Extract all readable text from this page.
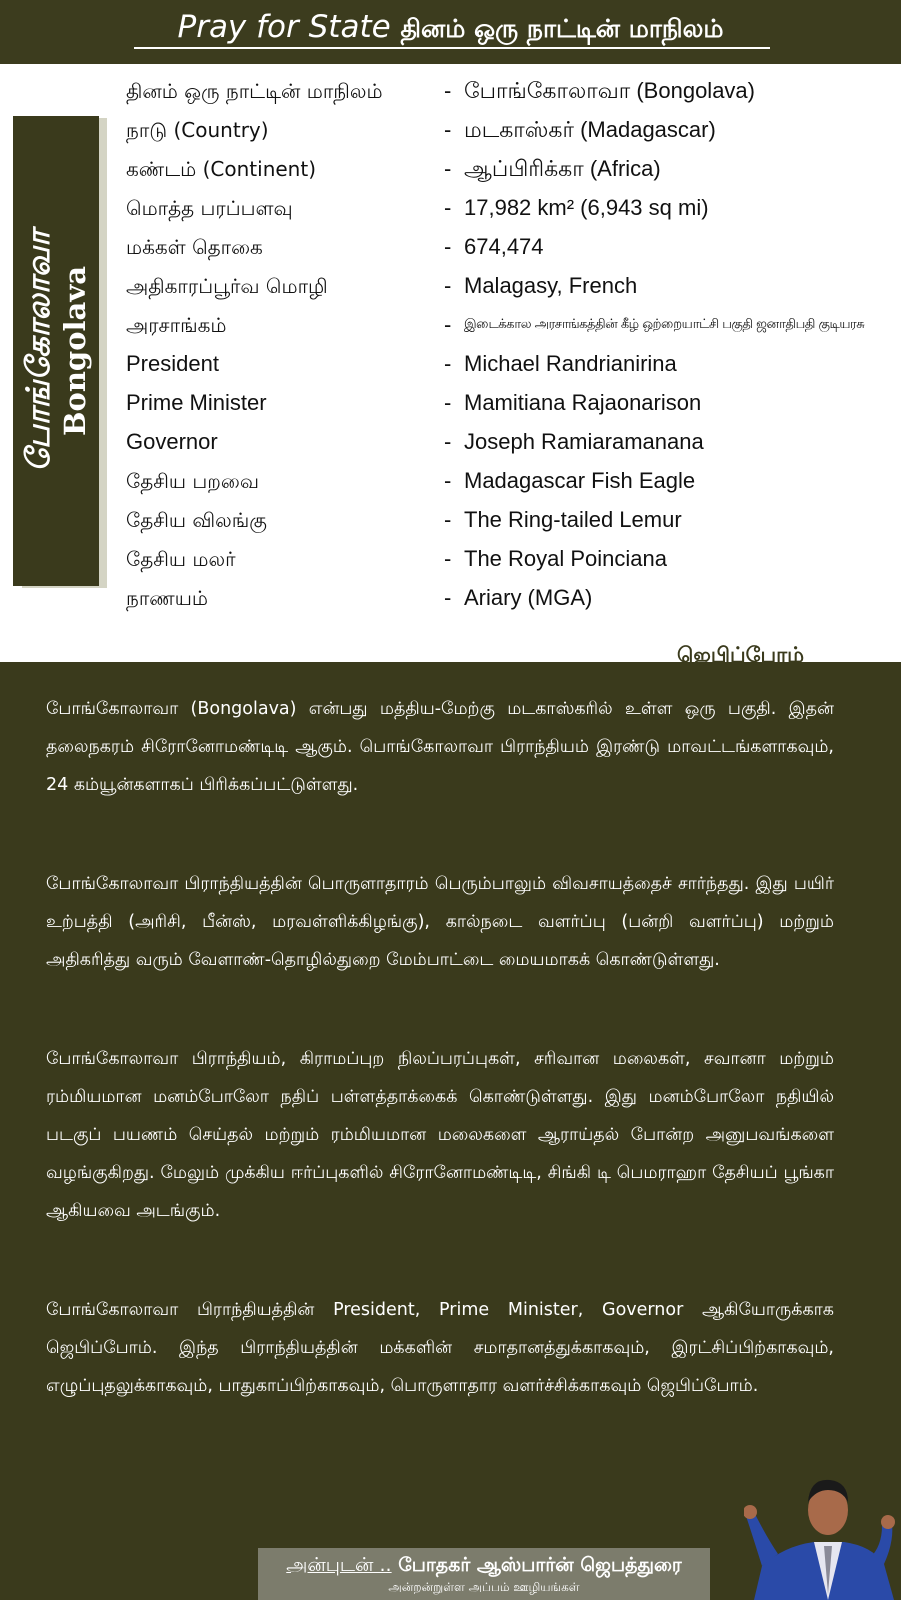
Pray for State தினம் ஒரு நாட்டின் மாநிலம்
போங்கோலாவா Bongolava
தினம் ஒரு நாட்டின் மாநிலம்	- போங்கோலாவா (Bongolava)
நாடு (Country)	- மடகாஸ்கர் (Madagascar)
கண்டம் (Continent)	- ஆப்பிரிக்கா (Africa)
மொத்த பரப்பளவு	- 17,982 km² (6,943 sq mi)
மக்கள் தொகை	- 674,474
அதிகாரப்பூர்வ மொழி	- Malagasy, French
அரசாங்கம்	- இடைக்கால அரசாங்கத்தின் கீழ் ஒற்றையாட்சி பகுதி ஜனாதிபதி குடியரசு
President	- Michael Randrianirina
Prime Minister	- Mamitiana Rajaonarison
Governor	- Joseph Ramiaramanana
தேசிய பறவை	- Madagascar Fish Eagle
தேசிய விலங்கு	- The Ring-tailed Lemur
தேசிய மலர்	- The Royal Poinciana
நாணயம்	- Ariary (MGA)
ஜெபிப்போம்

போங்கோலாவா (Bongolava) என்பது மத்திய-மேற்கு மடகாஸ்கரில் உள்ள ஒரு பகுதி. இதன் தலைநகரம் சிரோனோமண்டிடி ஆகும். பொங்கோலாவா பிராந்தியம் இரண்டு மாவட்டங்களாகவும், 24 கம்யூன்களாகப் பிரிக்கப்பட்டுள்ளது.

போங்கோலாவா பிராந்தியத்தின் பொருளாதாரம் பெரும்பாலும் விவசாயத்தைச் சார்ந்தது. இது பயிர் உற்பத்தி (அரிசி, பீன்ஸ், மரவள்ளிக்கிழங்கு), கால்நடை வளர்ப்பு (பன்றி வளர்ப்பு) மற்றும் அதிகரித்து வரும் வேளாண்-தொழில்துறை மேம்பாட்டை மையமாகக் கொண்டுள்ளது.

போங்கோலாவா பிராந்தியம், கிராமப்புற நிலப்பரப்புகள், சரிவான மலைகள், சவானா மற்றும் ரம்மியமான மனம்போலோ நதிப் பள்ளத்தாக்கைக் கொண்டுள்ளது. இது மனம்போலோ நதியில் படகுப் பயணம் செய்தல் மற்றும் ரம்மியமான மலைகளை ஆராய்தல் போன்ற அனுபவங்களை வழங்குகிறது. மேலும் முக்கிய ஈர்ப்புகளில் சிரோனோமண்டிடி, சிங்கி டி பெமராஹா தேசியப் பூங்கா ஆகியவை அடங்கும்.

போங்கோலாவா பிராந்தியத்தின் President, Prime Minister, Governor ஆகியோருக்காக ஜெபிப்போம். இந்த பிராந்தியத்தின் மக்களின் சமாதானத்துக்காகவும், இரட்சிப்பிற்காகவும், எழுப்புதலுக்காகவும், பாதுகாப்பிற்காகவும், பொருளாதார வளர்ச்சிக்காகவும் ஜெபிப்போம்.

அன்புடன் .. போதகர் ஆஸ்பார்ன் ஜெபத்துரை
அன்றன்றுள்ள அப்பம் ஊழியங்கள்
